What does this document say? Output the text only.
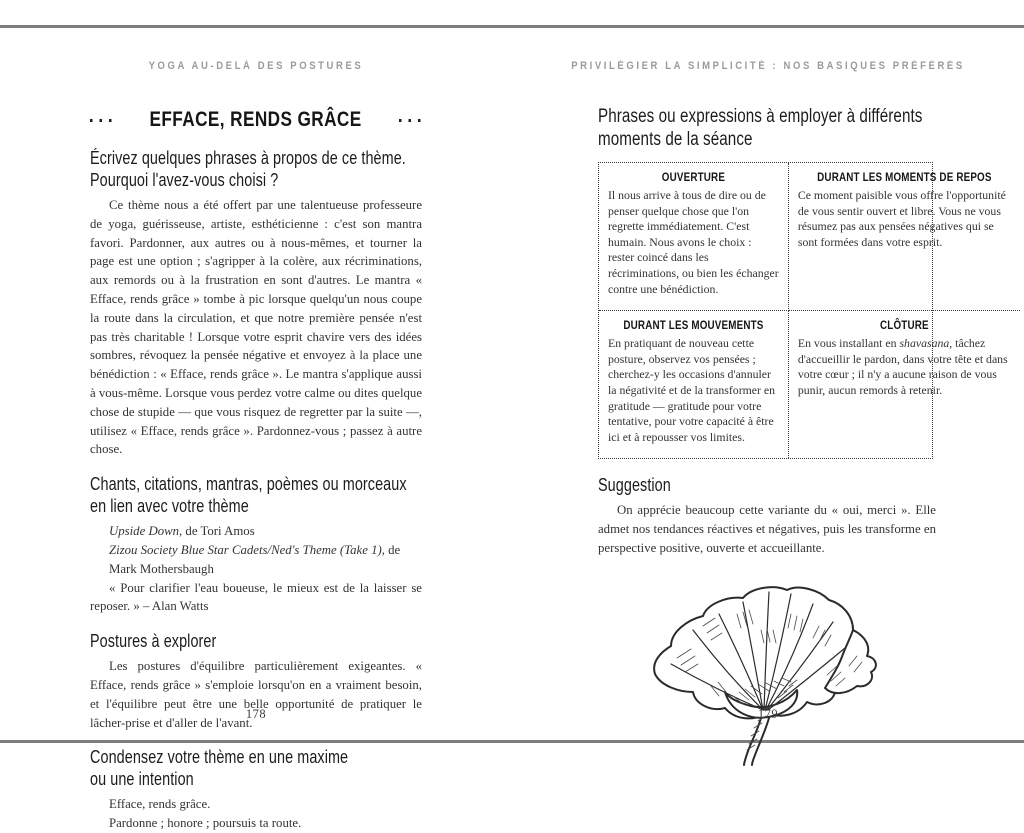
YOGA AU-DELÀ DES POSTURES	PRIVILÉGIER LA SIMPLICITÉ : NOS BASIQUES PRÉFÉRÉS
EFFACE, RENDS GRÂCE
Écrivez quelques phrases à propos de ce thème.
Pourquoi l'avez-vous choisi ?

Ce thème nous a été offert par une talentueuse professeure de yoga, guérisseuse, artiste, esthéticienne : c'est son mantra favori. Pardonner, aux autres ou à nous-mêmes, et tourner la page est une option ; s'agripper à la colère, aux récriminations, aux remords ou à la frustration en sont d'autres. Le mantra « Efface, rends grâce » tombe à pic lorsque quelqu'un nous coupe la route dans la circulation, et que notre première pensée n'est pas très charitable ! Lorsque votre esprit chavire vers des idées sombres, révoquez la pensée négative et envoyez à la place une bénédiction : « Efface, rends grâce ». Le mantra s'applique aussi à vous-même. Lorsque vous perdez votre calme ou dites quelque chose de stupide — que vous risquez de regretter par la suite —, utilisez « Efface, rends grâce ». Pardonnez-vous ; passez à autre chose.

Chants, citations, mantras, poèmes ou morceaux
en lien avec votre thème
Upside Down, de Tori Amos
Zizou Society Blue Star Cadets/Ned's Theme (Take 1), de Mark Mothersbaugh

« Pour clarifier l'eau boueuse, le mieux est de la laisser se reposer. » – Alan Watts

Postures à explorer

Les postures d'équilibre particulièrement exigeantes. « Efface, rends grâce » s'emploie lorsqu'on en a vraiment besoin, et l'équilibre peut être une belle opportunité de pratiquer le lâcher-prise et d'aller de l'avant.

Condensez votre thème en une maxime
ou une intention
Efface, rends grâce.
Pardonne ; honore ; poursuis ta route.
Phrases ou expressions à employer à différents
moments de la séance
OUVERTURE
Il nous arrive à tous de dire ou de penser quelque chose que l'on regrette immédiatement. C'est humain. Nous avons le choix : rester coincé dans les récriminations, ou bien les échanger contre une bénédiction.
DURANT LES MOMENTS DE REPOS
Ce moment paisible vous offre l'opportunité de vous sentir ouvert et libre. Vous ne vous résumez pas aux pensées négatives qui se sont formées dans votre esprit.
DURANT LES MOUVEMENTS
En pratiquant de nouveau cette posture, observez vos pensées ; cherchez-y les occasions d'annuler la négativité et de la transformer en gratitude — gratitude pour votre tentative, pour votre capacité à être ici et à repousser vos limites.
CLÔTURE
En vous installant en shavasana, tâchez d'accueillir le pardon, dans votre tête et dans votre cœur ; il n'y a aucune raison de vous punir, aucun remords à retenir.
Suggestion

On apprécie beaucoup cette variante du « oui, merci ». Elle admet nos tendances réactives et négatives, puis les transforme en perspective positive, ouverte et accueillante.

178	179
